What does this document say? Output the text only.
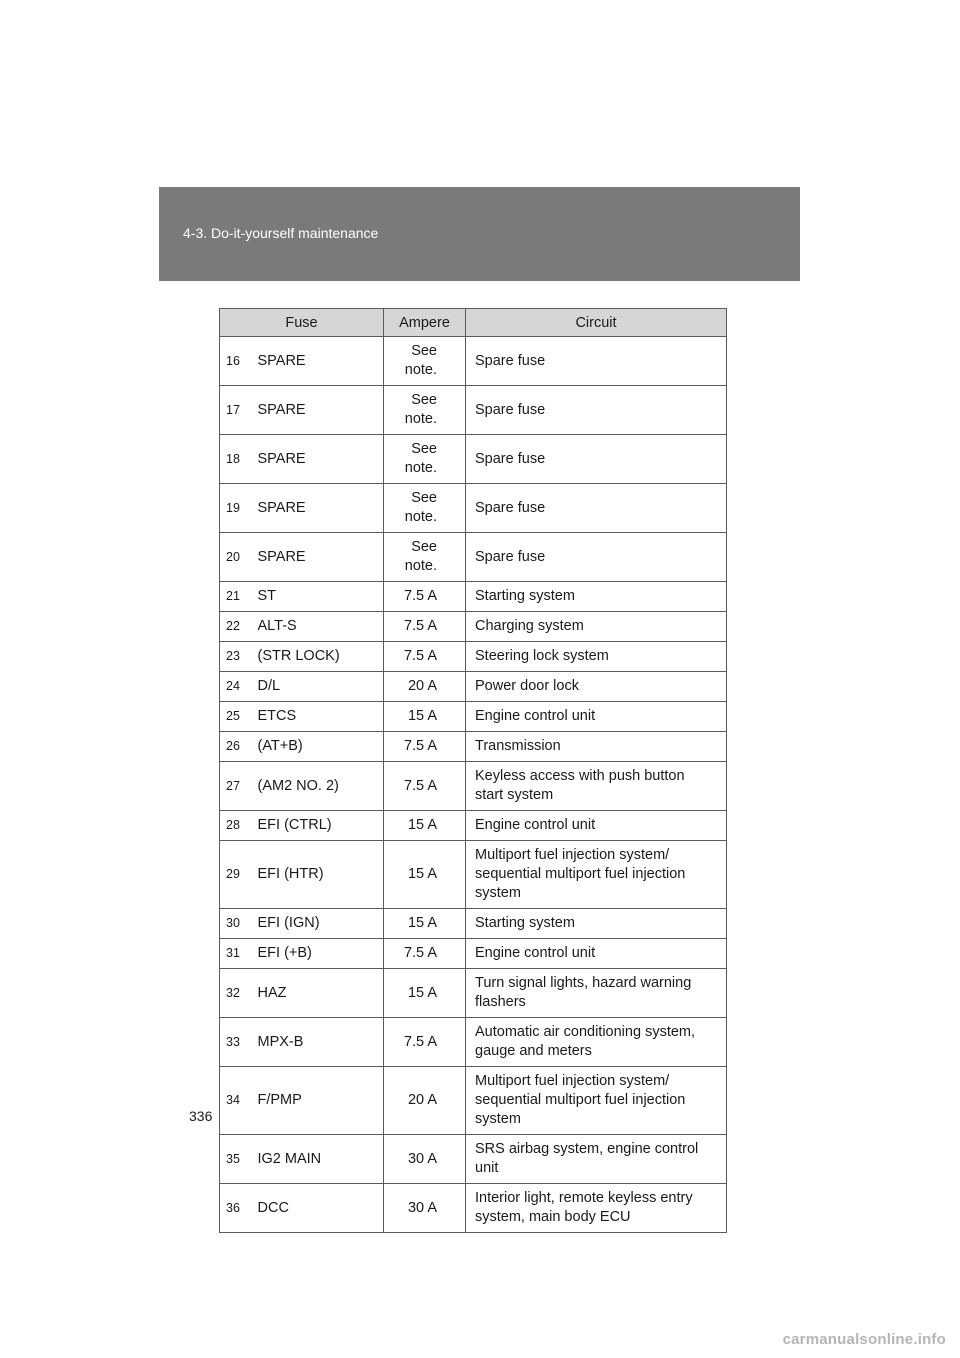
4-3. Do-it-yourself maintenance
Fuse		Ampere	Circuit
16	SPARE	See note.	Spare fuse
17	SPARE	See note.	Spare fuse
18	SPARE	See note.	Spare fuse
19	SPARE	See note.	Spare fuse
20	SPARE	See note.	Spare fuse
21	ST	7.5 A	Starting system
22	ALT-S	7.5 A	Charging system
23	(STR LOCK)	7.5 A	Steering lock system
24	D/L	20 A	Power door lock
25	ETCS	15 A	Engine control unit
26	(AT+B)	7.5 A	Transmission
27	(AM2 NO. 2)	7.5 A	Keyless access with push button start system
28	EFI (CTRL)	15 A	Engine control unit
29	EFI (HTR)	15 A	Multiport fuel injection system/ sequential multiport fuel injection system
30	EFI (IGN)	15 A	Starting system
31	EFI (+B)	7.5 A	Engine control unit
32	HAZ	15 A	Turn signal lights, hazard warning flashers
33	MPX-B	7.5 A	Automatic air conditioning system, gauge and meters
34	F/PMP	20 A	Multiport fuel injection system/ sequential multiport fuel injection system
35	IG2 MAIN	30 A	SRS airbag system, engine control unit
36	DCC	30 A	Interior light, remote keyless entry system, main body ECU
336
carmanualsonline.info
